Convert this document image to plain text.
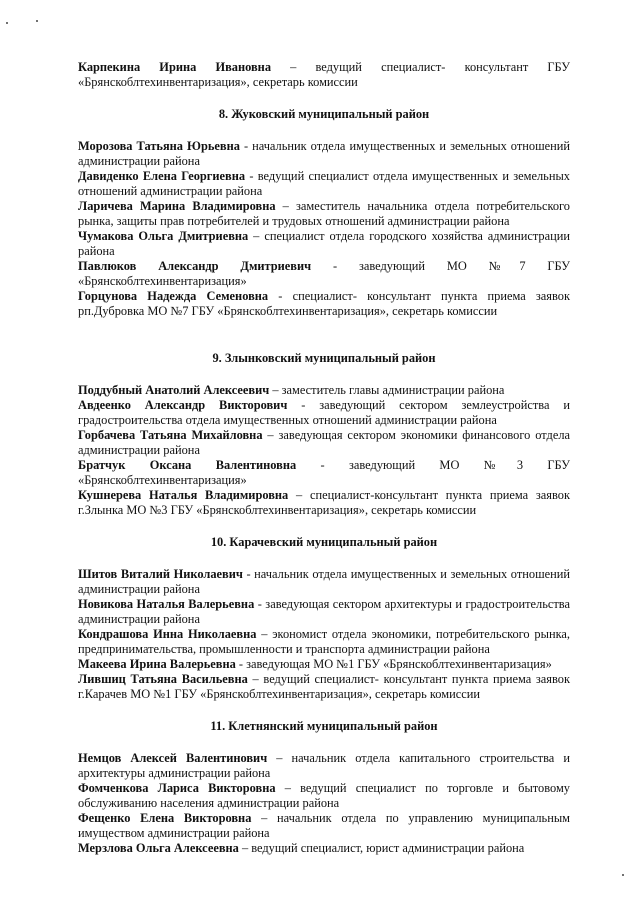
Карпекина Ирина Ивановна – ведущий специалист- консультант ГБУ «Брянскоблтехинвентаризация», секретарь комиссии

8. Жуковский муниципальный район

Морозова Татьяна Юрьевна - начальник отдела имущественных и земельных отношений администрации района

Давиденко Елена Георгиевна - ведущий специалист отдела имущественных и земельных отношений администрации района

Ларичева Марина Владимировна – заместитель начальника отдела потребительского рынка, защиты прав потребителей и трудовых отношений администрации района

Чумакова Ольга Дмитриевна – специалист отдела городского хозяйства администрации района

Павлюков Александр Дмитриевич - заведующий МО №7 ГБУ «Брянскоблтехинвентаризация»

Горцунова Надежда Семеновна - специалист- консультант пункта приема заявок рп.Дубровка МО №7 ГБУ «Брянскоблтехинвентаризация», секретарь комиссии

9. Злынковский муниципальный район

Поддубный Анатолий Алексеевич – заместитель главы администрации района

Авдеенко Александр Викторович - заведующий сектором землеустройства и градостроительства отдела имущественных отношений администрации района

Горбачева Татьяна Михайловна – заведующая сектором экономики финансового отдела администрации района

Братчук Оксана Валентиновна - заведующий МО №3 ГБУ «Брянскоблтехинвентаризация»

Кушнерева Наталья Владимировна – специалист-консультант пункта приема заявок г.Злынка МО №3 ГБУ «Брянскоблтехинвентаризация», секретарь комиссии

10. Карачевский муниципальный район

Шитов Виталий Николаевич - начальник отдела имущественных и земельных отношений администрации района

Новикова Наталья Валерьевна - заведующая сектором архитектуры и градостроительства администрации района

Кондрашова Инна Николаевна – экономист отдела экономики, потребительского рынка, предпринимательства, промышленности и транспорта администрации района

Макеева Ирина Валерьевна - заведующая МО №1 ГБУ «Брянскоблтехинвентаризация»

Лившиц Татьяна Васильевна – ведущий специалист- консультант пункта приема заявок г.Карачев МО №1 ГБУ «Брянскоблтехинвентаризация», секретарь комиссии

11. Клетнянский муниципальный район

Немцов Алексей Валентинович – начальник отдела капитального строительства и архитектуры администрации района

Фомченкова Лариса Викторовна – ведущий специалист по торговле и бытовому обслуживанию населения администрации района

Фещенко Елена Викторовна – начальник отдела по управлению муниципальным имуществом администрации района

Мерзлова Ольга Алексеевна – ведущий специалист, юрист администрации района
